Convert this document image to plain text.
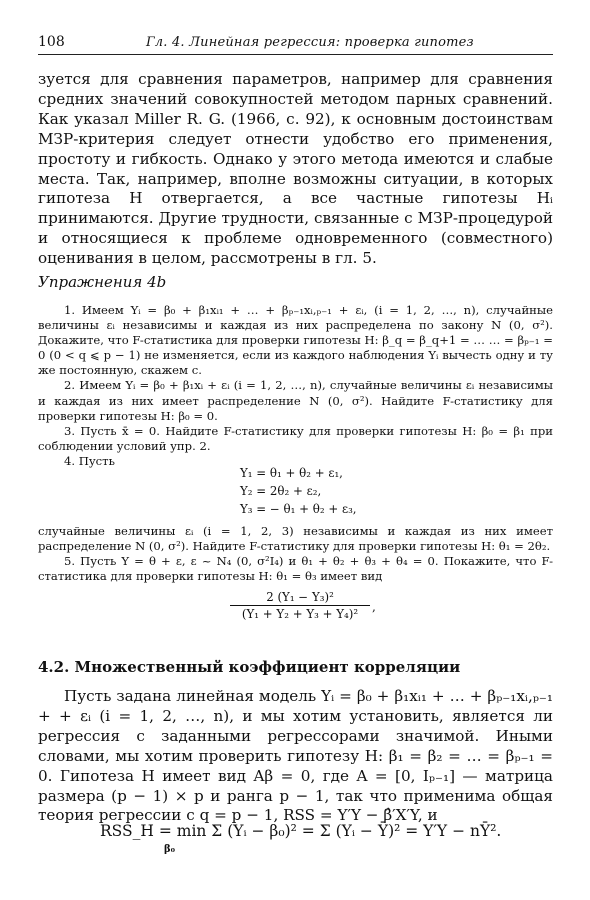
108	Гл. 4. Линейная регрессия: проверка гипотез

зуется для сравнения параметров, например для сравнения средних значений совокупностей методом парных сравнений. Как указал Miller R. G. (1966, с. 92), к основным достоинствам МЗР-критерия следует отнести удобство его применения, простоту и гибкость. Однако у этого метода имеются и слабые места. Так, например, вполне возможны ситуации, в которых гипотеза H отвергается, а все частные гипотезы Hᵢ принимаются. Другие трудности, связанные с МЗР-процедурой и относящиеся к проблеме одновременного (совместного) оценивания в целом, рассмотрены в гл. 5.

Упражнения 4b

1. Имеем Yᵢ = β₀ + β₁xᵢ₁ + … + βₚ₋₁xᵢ,ₚ₋₁ + εᵢ, (i = 1, 2, …, n), случайные величины εᵢ независимы и каждая из них распределена по закону N (0, σ²). Докажите, что F-статистика для проверки гипотезы H: β_q = β_q+1 = … … = βₚ₋₁ = 0 (0 < q ⩽ p − 1) не изменяется, если из каждого наблюдения Yᵢ вычесть одну и ту же постоянную, скажем c.

2. Имеем Yᵢ = β₀ + β₁xᵢ + εᵢ (i = 1, 2, …, n), случайные величины εᵢ независимы и каждая из них имеет распределение N (0, σ²). Найдите F-статистику для проверки гипотезы H: β₀ = 0.

3. Пусть x̄ = 0. Найдите F-статистику для проверки гипотезы H: β₀ = β₁ при соблюдении условий упр. 2.

4. Пусть

Y₁ = θ₁ + θ₂ + ε₁,
Y₂ = 2θ₂ + ε₂,
Y₃ = − θ₁ + θ₂ + ε₃,

случайные величины εᵢ (i = 1, 2, 3) независимы и каждая из них имеет распределение N (0, σ²). Найдите F-статистику для проверки гипотезы H: θ₁ = 2θ₂.

5. Пусть Y = θ + ε, ε ~ N₄ (0, σ²I₄) и θ₁ + θ₂ + θ₃ + θ₄ = 0. Покажите, что F-статистика для проверки гипотезы H: θ₁ = θ₃ имеет вид

$\frac{\text{2 (Y₁ − Y₃)²}}{\text{(Y₁ + Y₂ + Y₃ + Y₄)²}}$ ,
4.2. Множественный коэффициент корреляции

Пусть задана линейная модель Yᵢ = β₀ + β₁xᵢ₁ + … + βₚ₋₁xᵢ,ₚ₋₁ + + εᵢ (i = 1, 2, …, n), и мы хотим установить, является ли регрессия с заданными регрессорами значимой. Иными словами, мы хотим проверить гипотезу H: β₁ = β₂ = … = βₚ₋₁ = 0. Гипотеза H имеет вид Aβ = 0, где A = [0, Iₚ₋₁] — матрица размера (p − 1) × p и ранга p − 1, так что применима общая теория регрессии с q = p − 1, RSS = Y′Y − β̂′X′Y, и

RSS_H = min Σ (Yᵢ − β₀)² = Σ (Yᵢ − Ȳ)² = Y′Y − nȲ².
β₀
